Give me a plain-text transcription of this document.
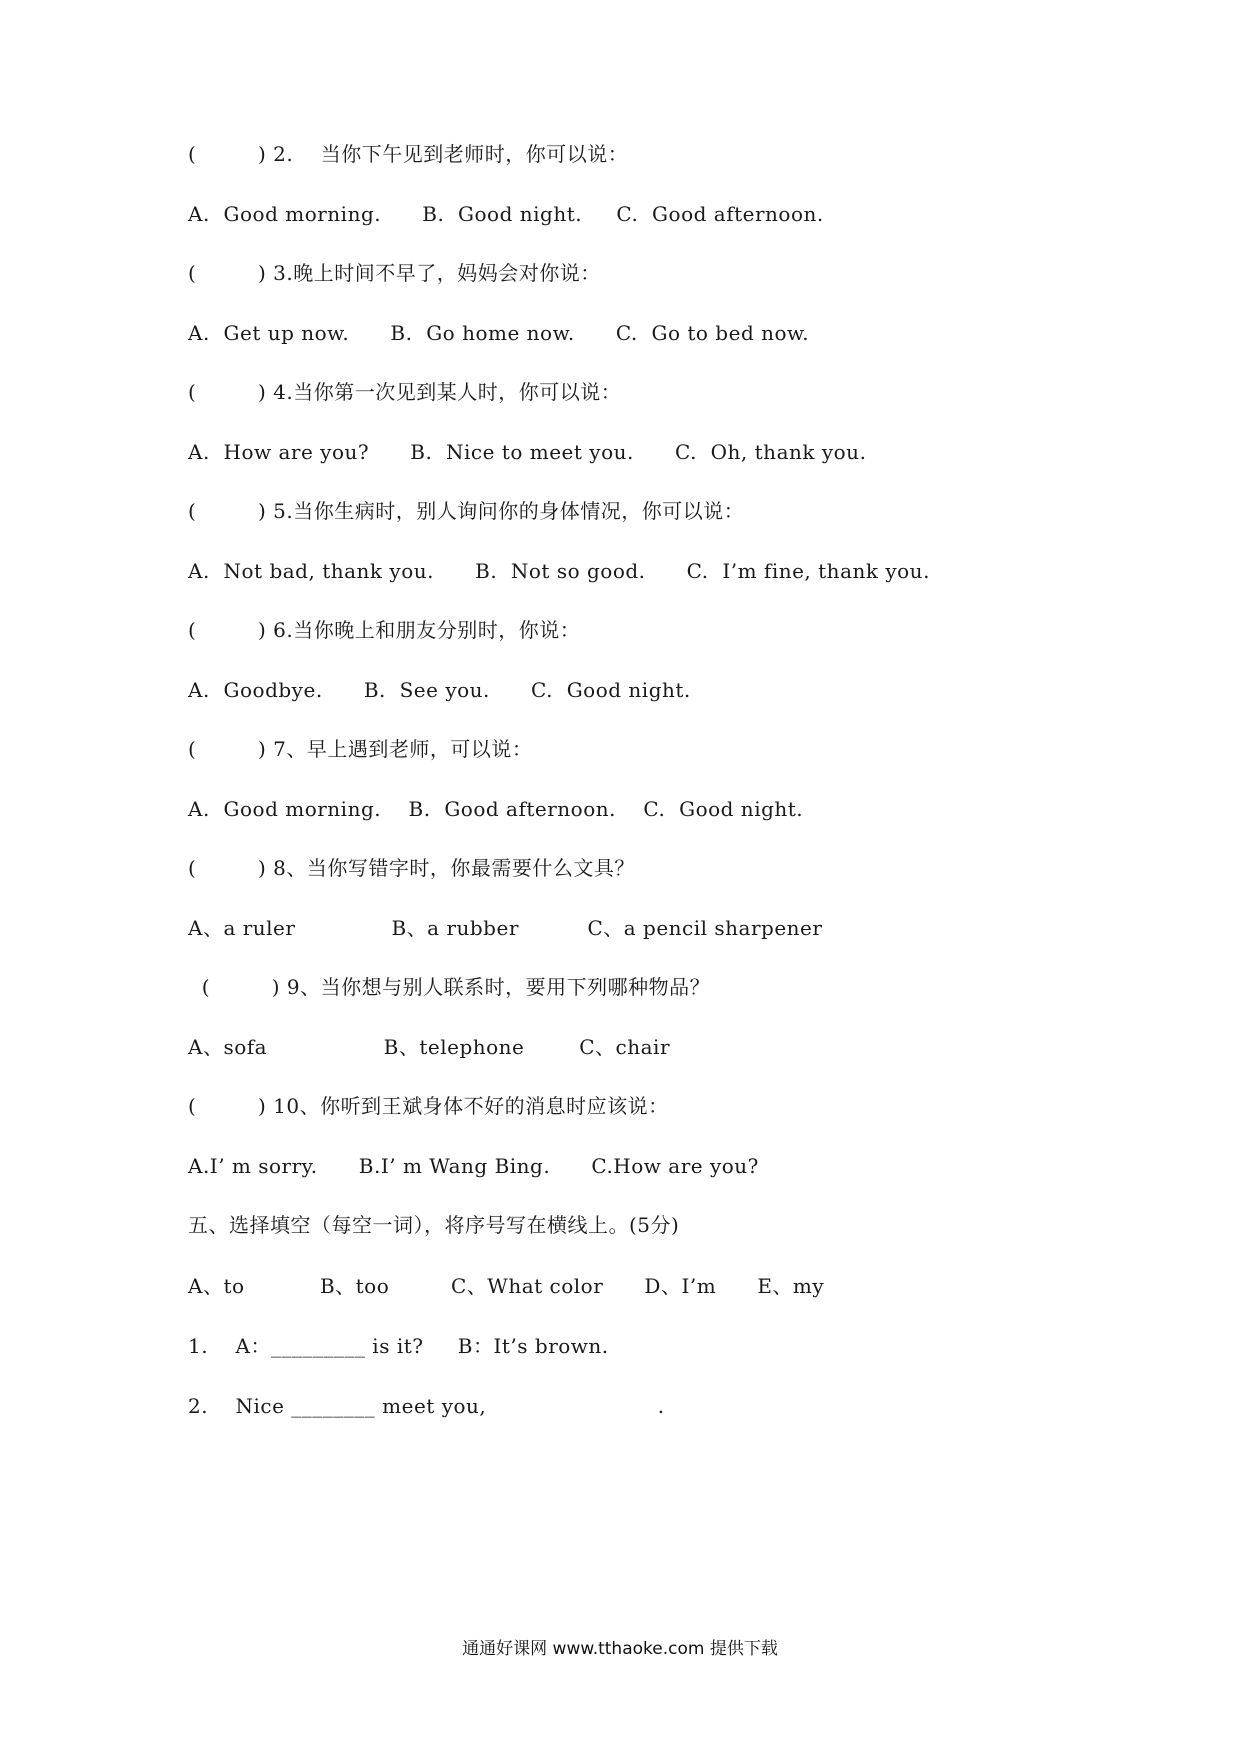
(         ) 2.    当你下午见到老师时，你可以说：
A.  Good morning.      B.  Good night.     C.  Good afternoon.
(         ) 3.晚上时间不早了，妈妈会对你说：
A.  Get up now.      B.  Go home now.      C.  Go to bed now.
(         ) 4.当你第一次见到某人时，你可以说：
A.  How are you?      B.  Nice to meet you.      C.  Oh, thank you.
(         ) 5.当你生病时，别人询问你的身体情况，你可以说：
A.  Not bad, thank you.      B.  Not so good.      C.  I’m fine, thank you.
(         ) 6.当你晚上和朋友分别时，你说：
A.  Goodbye.      B.  See you.      C.  Good night.
(         ) 7、早上遇到老师，可以说：
A.  Good morning.    B.  Good afternoon.    C.  Good night.
(         ) 8、当你写错字时，你最需要什么文具？
A、a ruler              B、a rubber          C、a pencil sharpener
(         ) 9、当你想与别人联系时，要用下列哪种物品？
A、sofa                 B、telephone        C、chair
(         ) 10、你听到王斌身体不好的消息时应该说：
A.I’ m sorry.      B.I’ m Wang Bing.      C.How are you?
五、选择填空（每空一词），将序号写在横线上。(5分)
A、to           B、too         C、What color      D、I’m      E、my
1.    A：_________ is it?     B：It’s brown.
2.    Nice ________ meet you,                         .
通通好课网 www.tthaoke.com 提供下载
